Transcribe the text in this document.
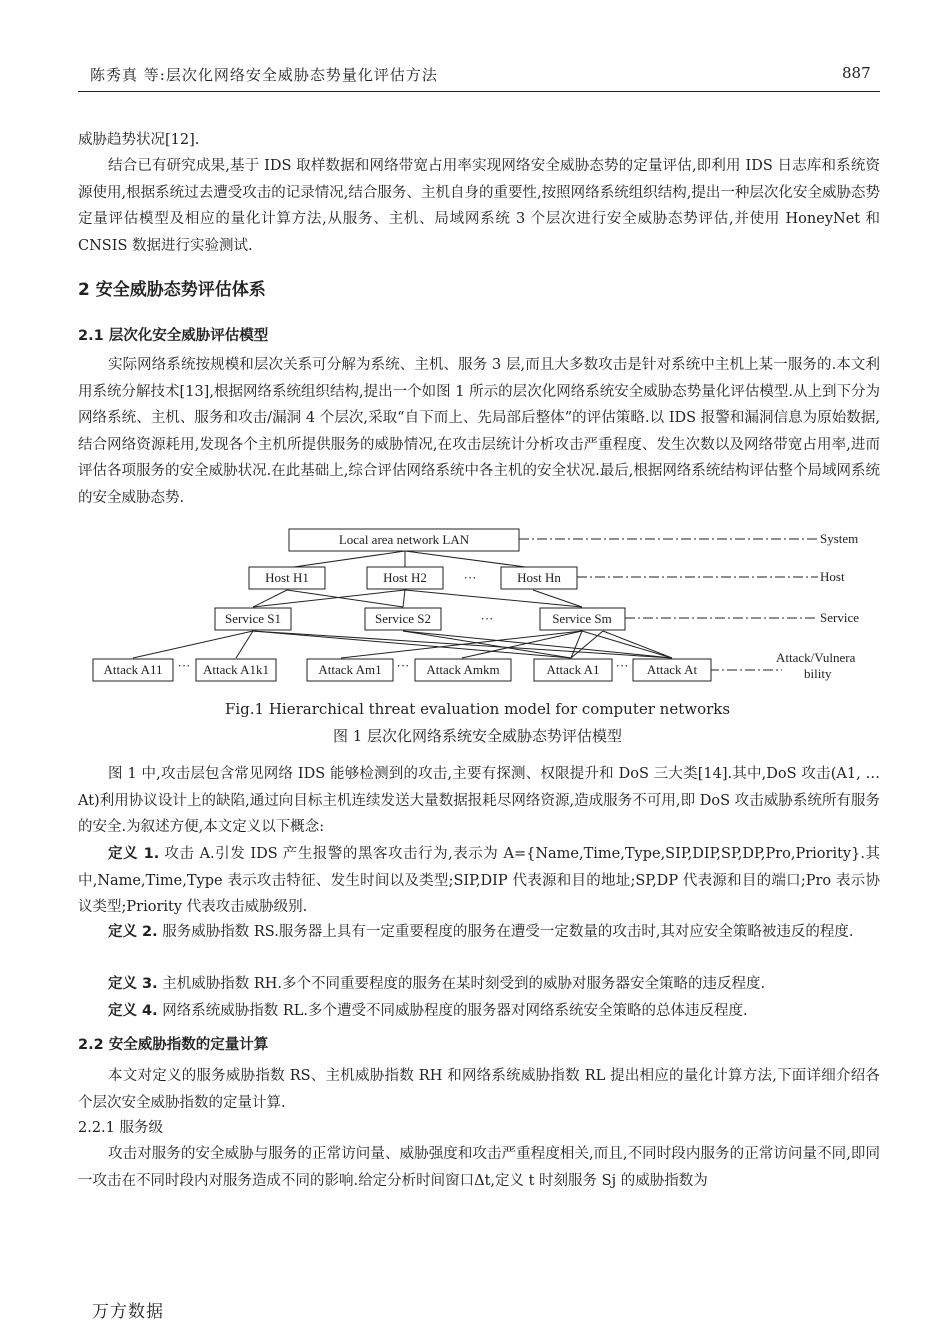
陈秀真 等:层次化网络安全威胁态势量化评估方法	887

威胁趋势状况[12].

结合已有研究成果,基于 IDS 取样数据和网络带宽占用率实现网络安全威胁态势的定量评估,即利用 IDS 日志库和系统资源使用,根据系统过去遭受攻击的记录情况,结合服务、主机自身的重要性,按照网络系统组织结构,提出一种层次化安全威胁态势定量评估模型及相应的量化计算方法,从服务、主机、局域网系统 3 个层次进行安全威胁态势评估,并使用 HoneyNet 和 CNSIS 数据进行实验测试.

2 安全威胁态势评估体系
2.1 层次化安全威胁评估模型

实际网络系统按规模和层次关系可分解为系统、主机、服务 3 层,而且大多数攻击是针对系统中主机上某一服务的.本文利用系统分解技术[13],根据网络系统组织结构,提出一个如图 1 所示的层次化网络系统安全威胁态势量化评估模型.从上到下分为网络系统、主机、服务和攻击/漏洞 4 个层次,采取“自下而上、先局部后整体”的评估策略.以 IDS 报警和漏洞信息为原始数据,结合网络资源耗用,发现各个主机所提供服务的威胁情况,在攻击层统计分析攻击严重程度、发生次数以及网络带宽占用率,进而评估各项服务的安全威胁状况.在此基础上,综合评估网络系统中各主机的安全状况.最后,根据网络系统结构评估整个局域网系统的安全威胁态势.

Local area network LAN
Host H1	Host H2	Host Hn
···
Service S1	Service S2	Service Sm
···
Attack A11	Attack A1k1	Attack Am1	Attack Amkm	Attack A1	Attack At
···	···	···
System
Host
Service
Attack/Vulnera
bility
Fig.1 Hierarchical threat evaluation model for computer networks
图 1 层次化网络系统安全威胁态势评估模型

图 1 中,攻击层包含常见网络 IDS 能够检测到的攻击,主要有探测、权限提升和 DoS 三大类[14].其中,DoS 攻击(A1, …At)利用协议设计上的缺陷,通过向目标主机连续发送大量数据报耗尽网络资源,造成服务不可用,即 DoS 攻击威胁系统所有服务的安全.为叙述方便,本文定义以下概念:

定义 1. 攻击 A.引发 IDS 产生报警的黑客攻击行为,表示为 A={Name,Time,Type,SIP,DIP,SP,DP,Pro,Priority}.其中,Name,Time,Type 表示攻击特征、发生时间以及类型;SIP,DIP 代表源和目的地址;SP,DP 代表源和目的端口;Pro 表示协议类型;Priority 代表攻击威胁级别.

定义 2. 服务威胁指数 RS.服务器上具有一定重要程度的服务在遭受一定数量的攻击时,其对应安全策略被违反的程度.

定义 3. 主机威胁指数 RH.多个不同重要程度的服务在某时刻受到的威胁对服务器安全策略的违反程度.

定义 4. 网络系统威胁指数 RL.多个遭受不同威胁程度的服务器对网络系统安全策略的总体违反程度.

2.2 安全威胁指数的定量计算

本文对定义的服务威胁指数 RS、主机威胁指数 RH 和网络系统威胁指数 RL 提出相应的量化计算方法,下面详细介绍各个层次安全威胁指数的定量计算.

2.2.1 服务级

攻击对服务的安全威胁与服务的正常访问量、威胁强度和攻击严重程度相关,而且,不同时段内服务的正常访问量不同,即同一攻击在不同时段内对服务造成不同的影响.给定分析时间窗口Δt,定义 t 时刻服务 Sj 的威胁指数为

万方数据
